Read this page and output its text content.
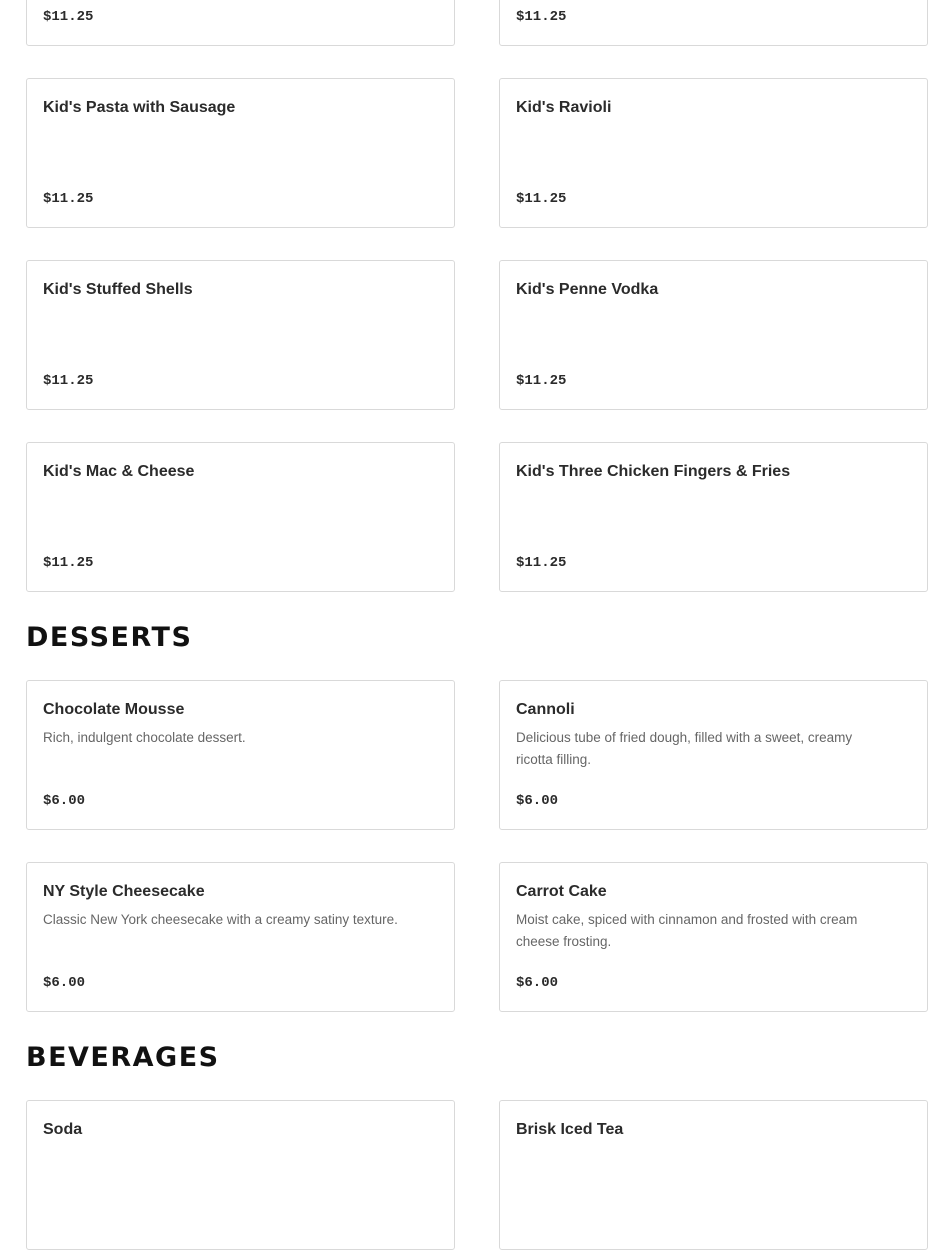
$11.25	$11.25
Kid's Pasta with Sausage
$11.25
Kid's Ravioli
$11.25
Kid's Stuffed Shells
$11.25
Kid's Penne Vodka
$11.25
Kid's Mac & Cheese
$11.25
Kid's Three Chicken Fingers & Fries
$11.25
DESSERTS
Chocolate Mousse
Rich, indulgent chocolate dessert.
$6.00
Cannoli
Delicious tube of fried dough, filled with a sweet, creamy ricotta filling.
$6.00
NY Style Cheesecake
Classic New York cheesecake with a creamy satiny texture.
$6.00
Carrot Cake
Moist cake, spiced with cinnamon and frosted with cream cheese frosting.
$6.00
BEVERAGES
Soda	Brisk Iced Tea
